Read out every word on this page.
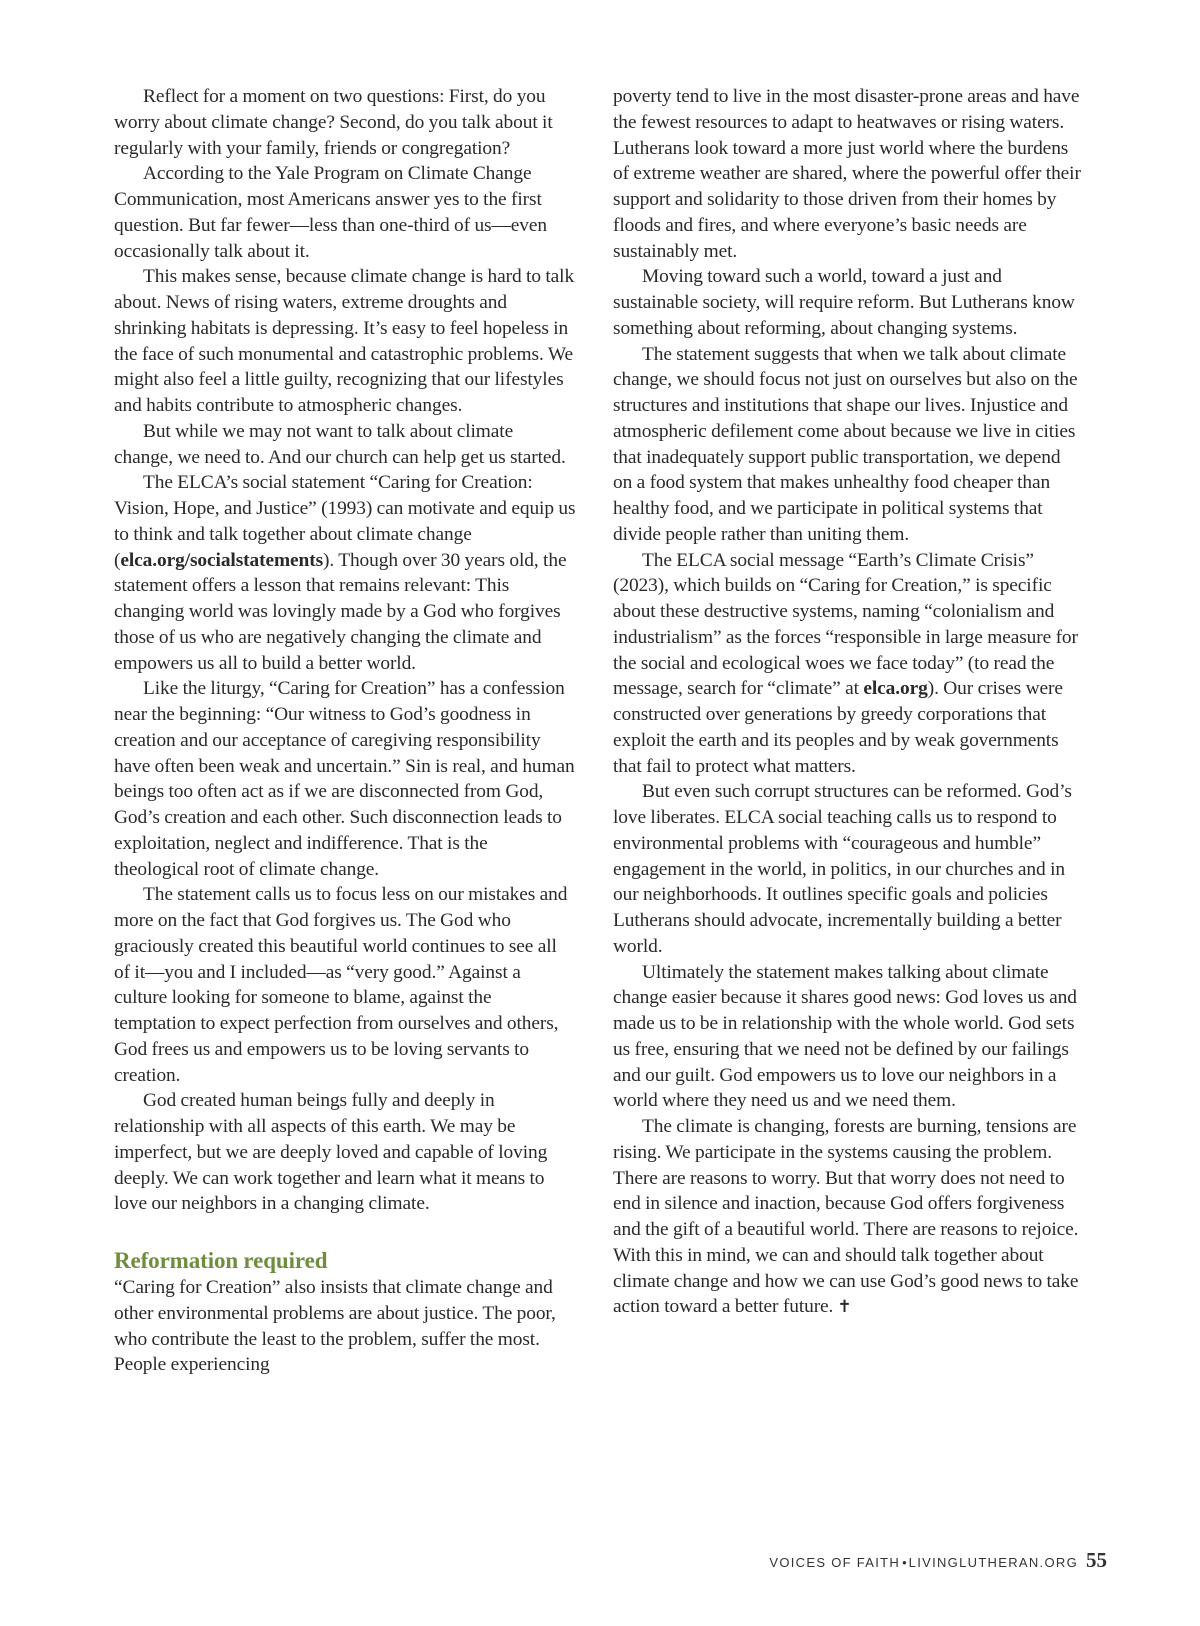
Reflect for a moment on two questions: First, do you worry about climate change? Second, do you talk about it regularly with your family, friends or congregation?

According to the Yale Program on Climate Change Communication, most Americans answer yes to the first question. But far fewer—less than one-third of us—even occasionally talk about it.

This makes sense, because climate change is hard to talk about. News of rising waters, extreme droughts and shrinking habitats is depressing. It’s easy to feel hopeless in the face of such monumental and catastrophic problems. We might also feel a little guilty, recognizing that our lifestyles and habits contribute to atmospheric changes.

But while we may not want to talk about climate change, we need to. And our church can help get us started.

The ELCA’s social statement “Caring for Creation: Vision, Hope, and Justice” (1993) can motivate and equip us to think and talk together about climate change (elca.org/socialstatements). Though over 30 years old, the statement offers a lesson that remains relevant: This changing world was lovingly made by a God who forgives those of us who are negatively changing the climate and empowers us all to build a better world.

Like the liturgy, “Caring for Creation” has a confession near the beginning: “Our witness to God’s goodness in creation and our acceptance of caregiving responsibility have often been weak and uncertain.” Sin is real, and human beings too often act as if we are disconnected from God, God’s creation and each other. Such disconnection leads to exploitation, neglect and indifference. That is the theological root of climate change.

The statement calls us to focus less on our mistakes and more on the fact that God forgives us. The God who graciously created this beautiful world continues to see all of it—you and I included—as “very good.” Against a culture looking for someone to blame, against the temptation to expect perfection from ourselves and others, God frees us and empowers us to be loving servants to creation.

God created human beings fully and deeply in relationship with all aspects of this earth. We may be imperfect, but we are deeply loved and capable of loving deeply. We can work together and learn what it means to love our neighbors in a changing climate.

Reformation required

“Caring for Creation” also insists that climate change and other environmental problems are about justice. The poor, who contribute the least to the problem, suffer the most. People experiencing

poverty tend to live in the most disaster-prone areas and have the fewest resources to adapt to heatwaves or rising waters. Lutherans look toward a more just world where the burdens of extreme weather are shared, where the powerful offer their support and solidarity to those driven from their homes by floods and fires, and where everyone’s basic needs are sustainably met.

Moving toward such a world, toward a just and sustainable society, will require reform. But Lutherans know something about reforming, about changing systems.

The statement suggests that when we talk about climate change, we should focus not just on ourselves but also on the structures and institutions that shape our lives. Injustice and atmospheric defilement come about because we live in cities that inadequately support public transportation, we depend on a food system that makes unhealthy food cheaper than healthy food, and we participate in political systems that divide people rather than uniting them.

The ELCA social message “Earth’s Climate Crisis” (2023), which builds on “Caring for Creation,” is specific about these destructive systems, naming “colonialism and industrialism” as the forces “responsible in large measure for the social and ecological woes we face today” (to read the message, search for “climate” at elca.org). Our crises were constructed over generations by greedy corporations that exploit the earth and its peoples and by weak governments that fail to protect what matters.

But even such corrupt structures can be reformed. God’s love liberates. ELCA social teaching calls us to respond to environmental problems with “courageous and humble” engagement in the world, in politics, in our churches and in our neighborhoods. It outlines specific goals and policies Lutherans should advocate, incrementally building a better world.

Ultimately the statement makes talking about climate change easier because it shares good news: God loves us and made us to be in relationship with the whole world. God sets us free, ensuring that we need not be defined by our failings and our guilt. God empowers us to love our neighbors in a world where they need us and we need them.

The climate is changing, forests are burning, tensions are rising. We participate in the systems causing the problem. There are reasons to worry. But that worry does not need to end in silence and inaction, because God offers forgiveness and the gift of a beautiful world. There are reasons to rejoice. With this in mind, we can and should talk together about climate change and how we can use God’s good news to take action toward a better future. ✝

VOICES OF FAITH • LIVINGLUTHERAN.ORG 55
